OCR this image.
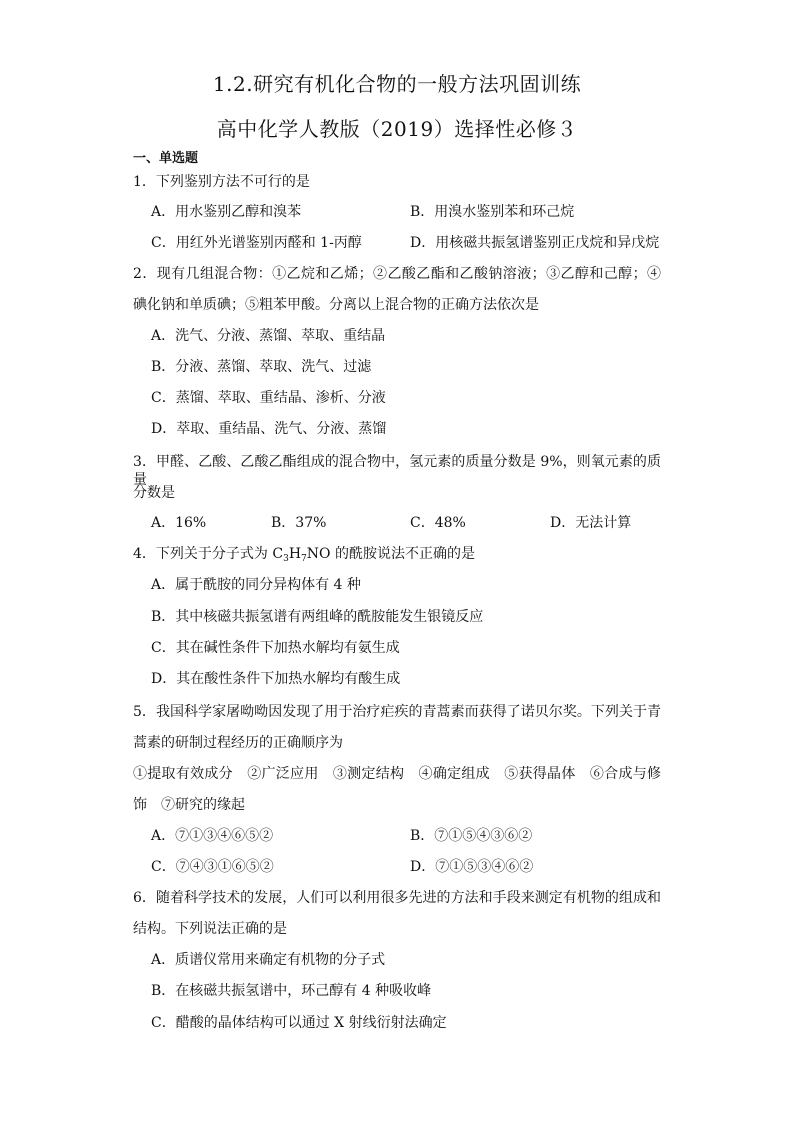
1.2.研究有机化合物的一般方法巩固训练
高中化学人教版（2019）选择性必修３
一、单选题
1．下列鉴别方法不可行的是
A．用水鉴别乙醇和溴苯	B．用溴水鉴别苯和环己烷
C．用红外光谱鉴别丙醛和 1-丙醇	D．用核磁共振氢谱鉴别正戊烷和异戊烷
2．现有几组混合物：①乙烷和乙烯；②乙酸乙酯和乙酸钠溶液；③乙醇和己醇；④
碘化钠和单质碘；⑤粗苯甲酸。分离以上混合物的正确方法依次是
A．洗气、分液、蒸馏、萃取、重结晶
B．分液、蒸馏、萃取、洗气、过滤
C．蒸馏、萃取、重结晶、渗析、分液
D．萃取、重结晶、洗气、分液、蒸馏
3．甲醛、乙酸、乙酸乙酯组成的混合物中，氢元素的质量分数是 9%，则氧元素的质量
分数是
A．16%	B．37%	C．48%	D．无法计算
4．下列关于分子式为 $C_3H_7NO$ 的酰胺说法不正确的是
A．属于酰胺的同分异构体有 4 种
B．其中核磁共振氢谱有两组峰的酰胺能发生银镜反应
C．其在碱性条件下加热水解均有氨生成
D．其在酸性条件下加热水解均有酸生成
5．我国科学家屠呦呦因发现了用于治疗疟疾的青蒿素而获得了诺贝尔奖。下列关于青
蒿素的研制过程经历的正确顺序为
①提取有效成分　②广泛应用　③测定结构　④确定组成　⑤获得晶体　⑥合成与修
饰　⑦研究的缘起
A．⑦①③④⑥⑤②	B．⑦①⑤④③⑥②
C．⑦④③①⑥⑤②	D．⑦①⑤③④⑥②
6．随着科学技术的发展，人们可以利用很多先进的方法和手段来测定有机物的组成和
结构。下列说法正确的是
A．质谱仪常用来确定有机物的分子式
B．在核磁共振氢谱中，环己醇有 4 种吸收峰
C．醋酸的晶体结构可以通过 X 射线衍射法确定
